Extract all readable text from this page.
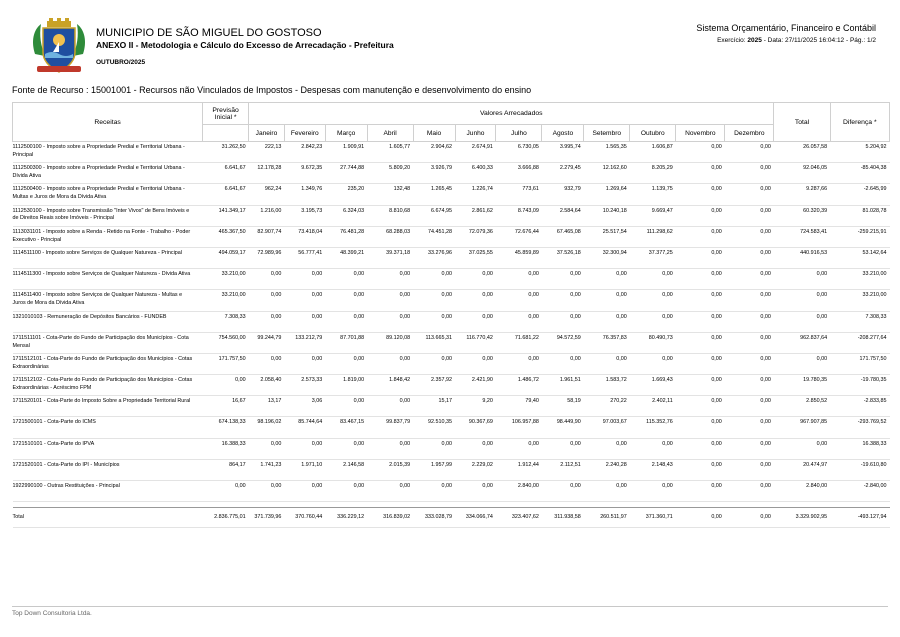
MUNICIPIO DE SÃO MIGUEL DO GOSTOSO
ANEXO II - Metodologia e Cálculo do Excesso de Arrecadação - Prefeitura
OUTUBRO/2025
Sistema Orçamentário, Financeiro e Contábil
Exercício: 2025 - Data: 27/11/2025 16:04:12 - Pág.: 1/2
Fonte de Recurso : 15001001 - Recursos não Vinculados de Impostos - Despesas com manutenção e desenvolvimento do ensino
Receitas	Previsão Inicial *	Valores Arrecadados												Total	Diferença *
		Janeiro	Fevereiro	Março	Abril	Maio	Junho	Julho	Agosto	Setembro	Outubro	Novembro	Dezembro		
1112500100 - Imposto sobre a Propriedade Predial e Territorial Urbana - Principal	31.262,50	222,13	2.842,23	1.909,91	1.605,77	2.904,62	2.674,91	6.730,05	3.995,74	1.565,35	1.606,87	0,00	0,00	26.057,58	5.204,92
1112500300 - Imposto sobre a Propriedade Predial e Territorial Urbana - Dívida Ativa	6.641,67	12.178,28	9.672,35	27.744,88	5.809,20	3.926,79	6.400,33	3.666,88	2.279,45	12.162,60	8.205,29	0,00	0,00	92.046,05	-85.404,38
1112500400 - Imposto sobre a Propriedade Predial e Territorial Urbana - Multas e Juros de Mora da Dívida Ativa	6.641,67	962,24	1.349,76	235,20	132,48	1.265,45	1.226,74	773,61	932,79	1.269,64	1.139,75	0,00	0,00	9.287,66	-2.645,99
1112530100 - Imposto sobre Transmissão "Inter Vivos" de Bens Imóveis e de Direitos Reais sobre Imóveis - Principal	141.349,17	1.216,00	3.195,73	6.324,03	8.810,68	6.674,95	2.861,62	8.743,09	2.584,64	10.240,18	9.669,47	0,00	0,00	60.320,39	81.028,78
1113031101 - Imposto sobre a Renda - Retido na Fonte - Trabalho - Poder Executivo - Principal	465.367,50	82.907,74	73.418,04	76.481,28	68.288,03	74.451,28	72.079,36	72.676,44	67.465,08	25.517,54	111.298,62	0,00	0,00	724.583,41	-259.215,91
1114511100 - Imposto sobre Serviços de Qualquer Natureza - Principal	494.059,17	72.989,96	56.777,41	48.399,21	39.371,18	33.276,96	37.025,55	45.859,89	37.526,18	32.300,94	37.377,25	0,00	0,00	440.916,53	53.142,64
1114511300 - Imposto sobre Serviços de Qualquer Natureza - Dívida Ativa	33.210,00	0,00	0,00	0,00	0,00	0,00	0,00	0,00	0,00	0,00	0,00	0,00	0,00	0,00	33.210,00
1114511400 - Imposto sobre Serviços de Qualquer Natureza - Multas e Juros de Mora da Dívida Ativa	33.210,00	0,00	0,00	0,00	0,00	0,00	0,00	0,00	0,00	0,00	0,00	0,00	0,00	0,00	33.210,00
1321010103 - Remuneração de Depósitos Bancários - FUNDEB	7.308,33	0,00	0,00	0,00	0,00	0,00	0,00	0,00	0,00	0,00	0,00	0,00	0,00	0,00	7.308,33
1711511101 - Cota-Parte do Fundo de Participação dos Municípios - Cota Mensal	754.560,00	99.244,79	133.212,79	87.701,88	89.120,08	113.665,31	116.770,42	71.681,22	94.572,59	76.357,83	80.490,73	0,00	0,00	962.837,64	-208.277,64
1711512101 - Cota-Parte do Fundo de Participação dos Municípios - Cotas Extraordinárias	171.757,50	0,00	0,00	0,00	0,00	0,00	0,00	0,00	0,00	0,00	0,00	0,00	0,00	0,00	171.757,50
1711512102 - Cota-Parte do Fundo de Participação dos Municípios - Cotas Extraordinárias - Acréscimo FPM	0,00	2.058,40	2.573,33	1.819,00	1.848,42	2.357,92	2.421,90	1.486,72	1.961,51	1.583,72	1.669,43	0,00	0,00	19.780,35	-19.780,35
1711520101 - Cota-Parte do Imposto Sobre a Propriedade Territorial Rural	16,67	13,17	3,06	0,00	0,00	15,17	9,20	79,40	58,19	270,22	2.402,11	0,00	0,00	2.850,52	-2.833,85
1721500101 - Cota-Parte do ICMS	674.138,33	98.196,02	85.744,64	83.467,15	99.837,79	92.510,35	90.367,69	106.957,88	98.449,90	97.003,67	115.352,76	0,00	0,00	967.907,85	-293.769,52
1721510101 - Cota-Parte do IPVA	16.388,33	0,00	0,00	0,00	0,00	0,00	0,00	0,00	0,00	0,00	0,00	0,00	0,00	0,00	16.388,33
1721520101 - Cota-Parte do IPI - Municípios	864,17	1.741,23	1.971,10	2.146,58	2.015,39	1.957,99	2.229,02	1.912,44	2.112,51	2.240,28	2.148,43	0,00	0,00	20.474,97	-19.610,80
1922990100 - Outras Restituições - Principal	0,00	0,00	0,00	0,00	0,00	0,00	0,00	2.840,00	0,00	0,00	0,00	0,00	0,00	2.840,00	-2.840,00

Total	2.836.775,01	371.739,96	370.760,44	336.229,12	316.839,02	333.028,79	334.066,74	323.407,62	311.938,58	260.511,97	371.360,71	0,00	0,00	3.329.902,95	-493.127,94
Top Down Consultoria Ltda.
